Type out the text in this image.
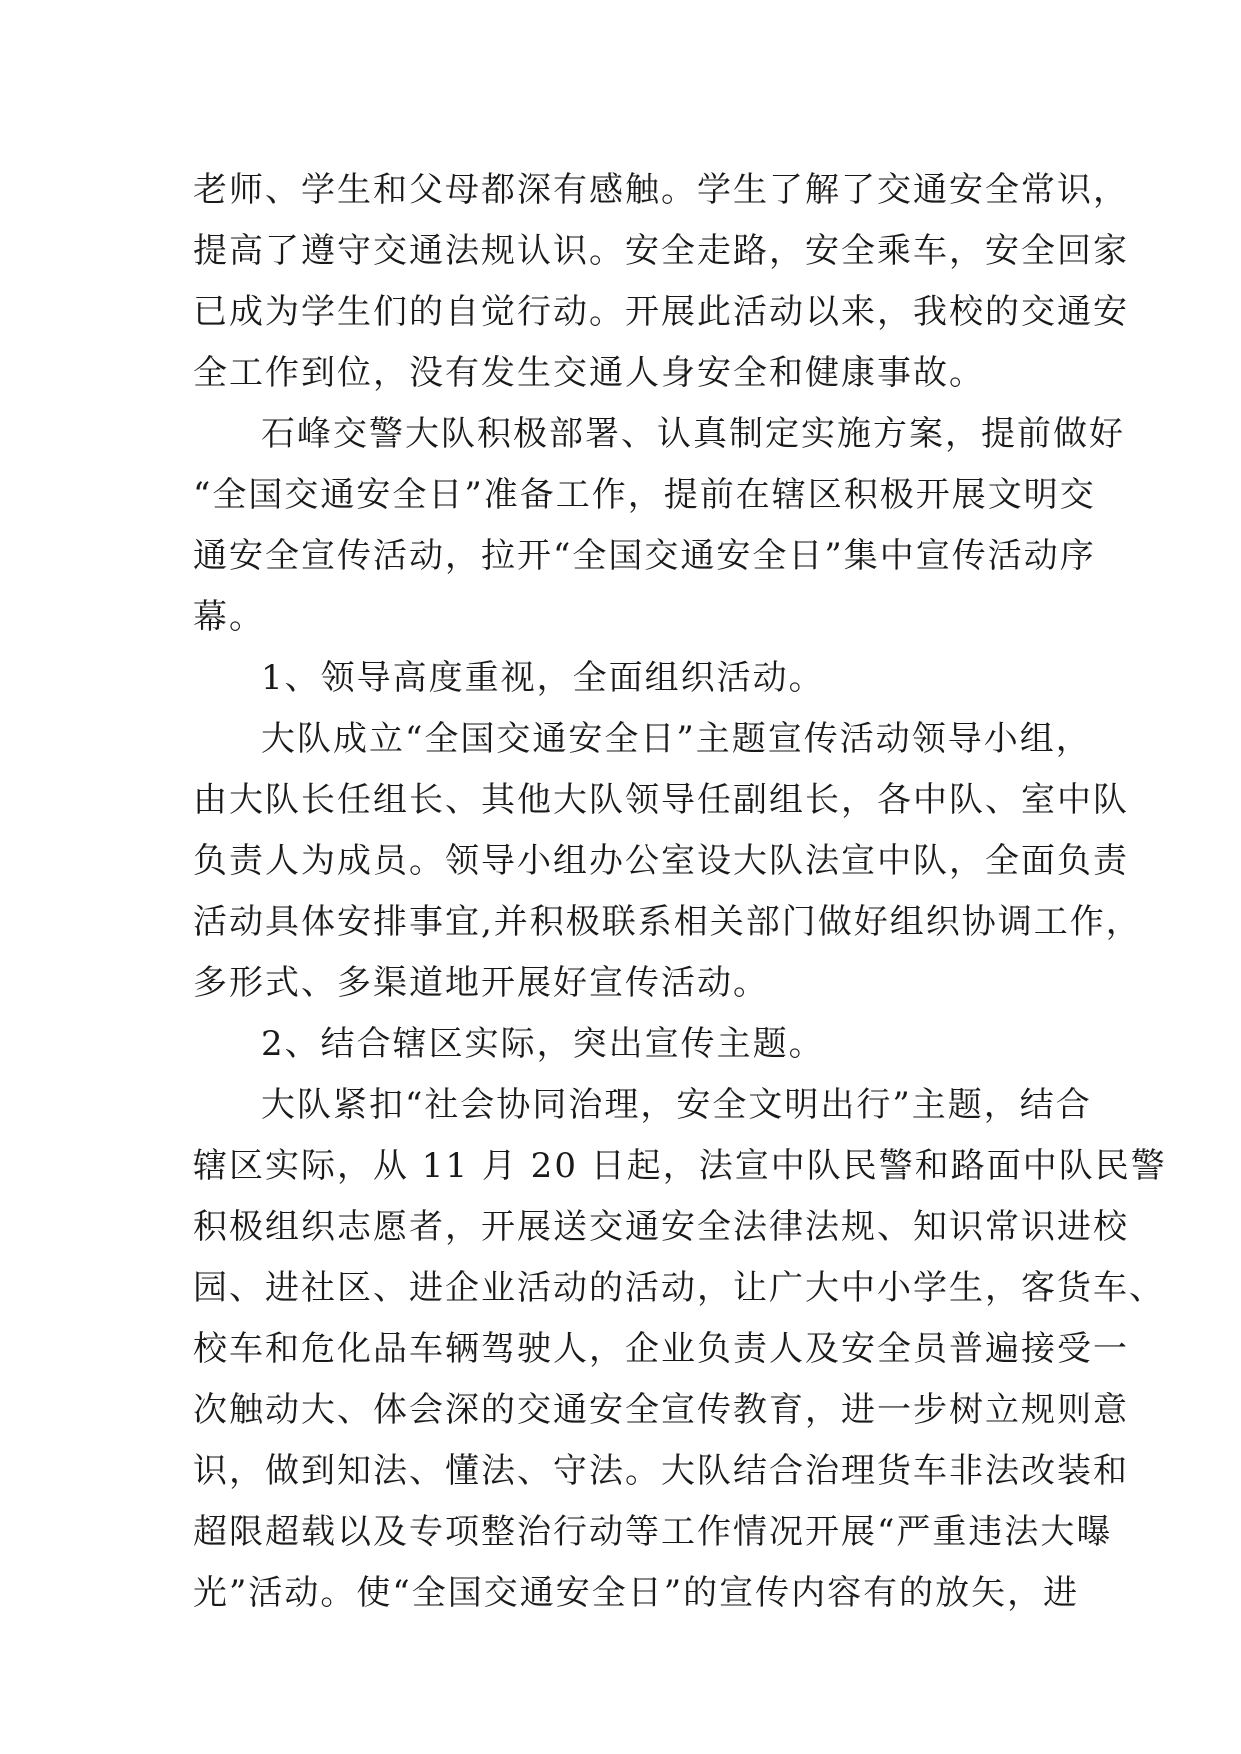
老师、学生和父母都深有感触。学生了解了交通安全常识，
提高了遵守交通法规认识。安全走路，安全乘车，安全回家
已成为学生们的自觉行动。开展此活动以来，我校的交通安
全工作到位，没有发生交通人身安全和健康事故。
石峰交警大队积极部署、认真制定实施方案，提前做好
“全国交通安全日”准备工作，提前在辖区积极开展文明交
通安全宣传活动，拉开“全国交通安全日”集中宣传活动序
幕。
1、领导高度重视，全面组织活动。
大队成立“全国交通安全日”主题宣传活动领导小组，
由大队长任组长、其他大队领导任副组长，各中队、室中队
负责人为成员。领导小组办公室设大队法宣中队，全面负责
活动具体安排事宜,并积极联系相关部门做好组织协调工作，
多形式、多渠道地开展好宣传活动。
2、结合辖区实际，突出宣传主题。
大队紧扣“社会协同治理，安全文明出行”主题，结合
辖区实际，从 11 月 20 日起，法宣中队民警和路面中队民警
积极组织志愿者，开展送交通安全法律法规、知识常识进校
园、进社区、进企业活动的活动，让广大中小学生，客货车、
校车和危化品车辆驾驶人，企业负责人及安全员普遍接受一
次触动大、体会深的交通安全宣传教育，进一步树立规则意
识，做到知法、懂法、守法。大队结合治理货车非法改装和
超限超载以及专项整治行动等工作情况开展“严重违法大曝
光”活动。使“全国交通安全日”的宣传内容有的放矢，进
